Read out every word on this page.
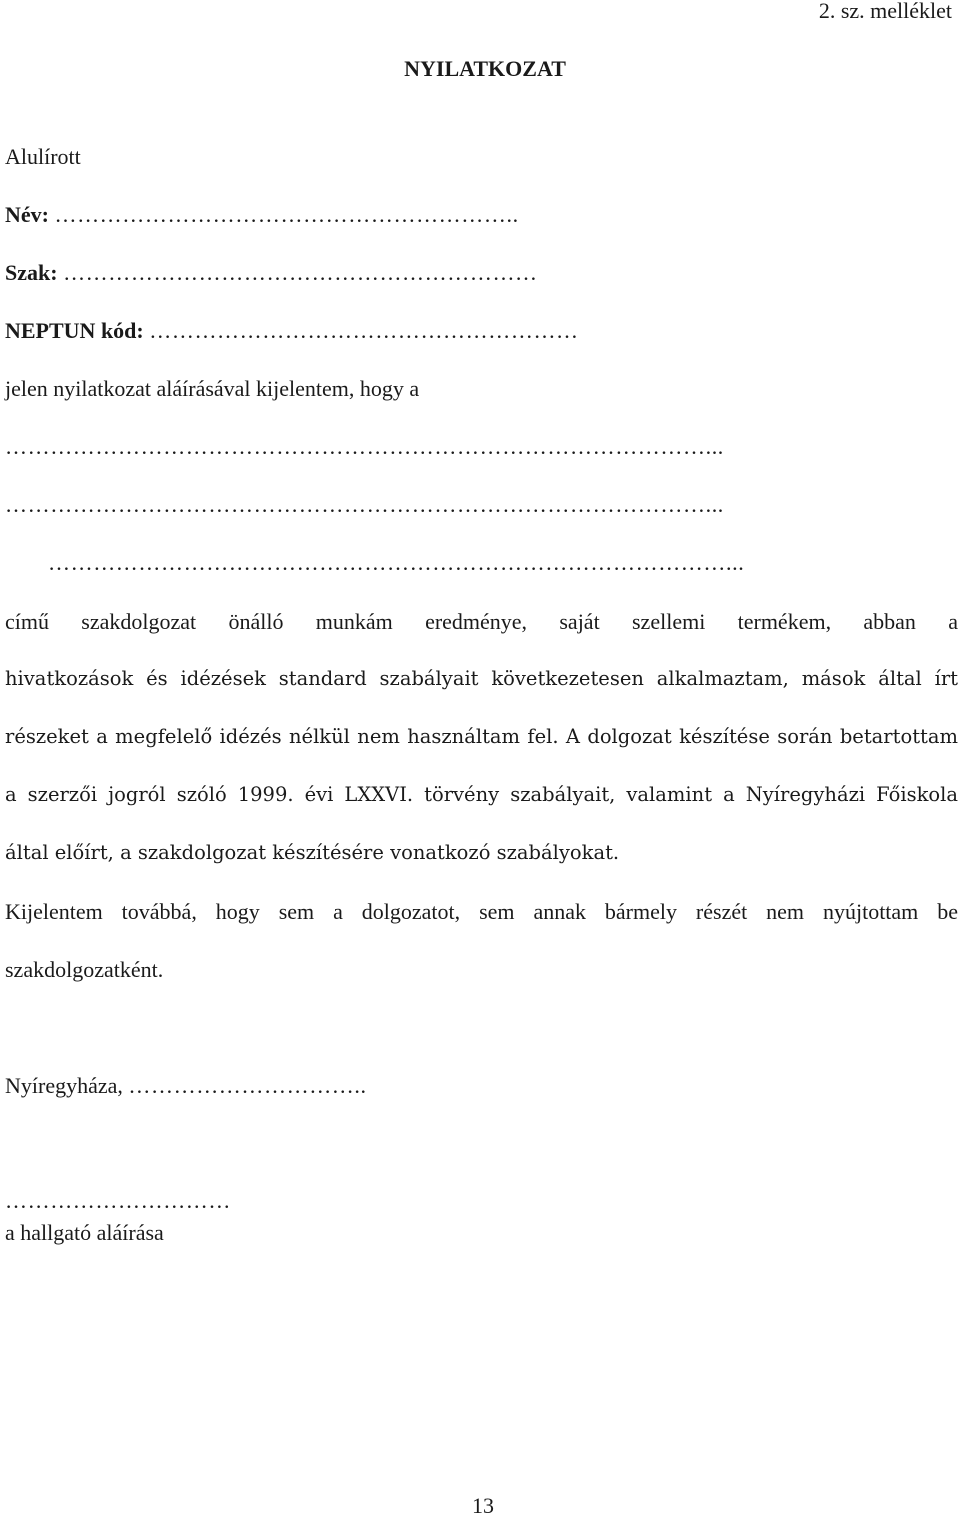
2. sz. melléklet
NYILATKOZAT
Alulírott
Név: ……………………………………………………..
Szak: ………………………………………………………
NEPTUN kód: …………………………………………………
jelen nyilatkozat aláírásával kijelentem, hogy a
…………………………………………………………………………………...
…………………………………………………………………………………...
………………………………………………………………………………...
című szakdolgozat önálló munkám eredménye, saját szellemi termékem, abban a
hivatkozások és idézések standard szabályait következetesen alkalmaztam, mások által írt
részeket a megfelelő idézés nélkül nem használtam fel. A dolgozat készítése során betartottam
a szerzői jogról szóló 1999. évi LXXVI. törvény szabályait, valamint a Nyíregyházi Főiskola
által előírt, a szakdolgozat készítésére vonatkozó szabályokat.
Kijelentem továbbá, hogy sem a dolgozatot, sem annak bármely részét nem nyújtottam be
szakdolgozatként.
Nyíregyháza, …………………………..
…………………………
a hallgató aláírása
13
